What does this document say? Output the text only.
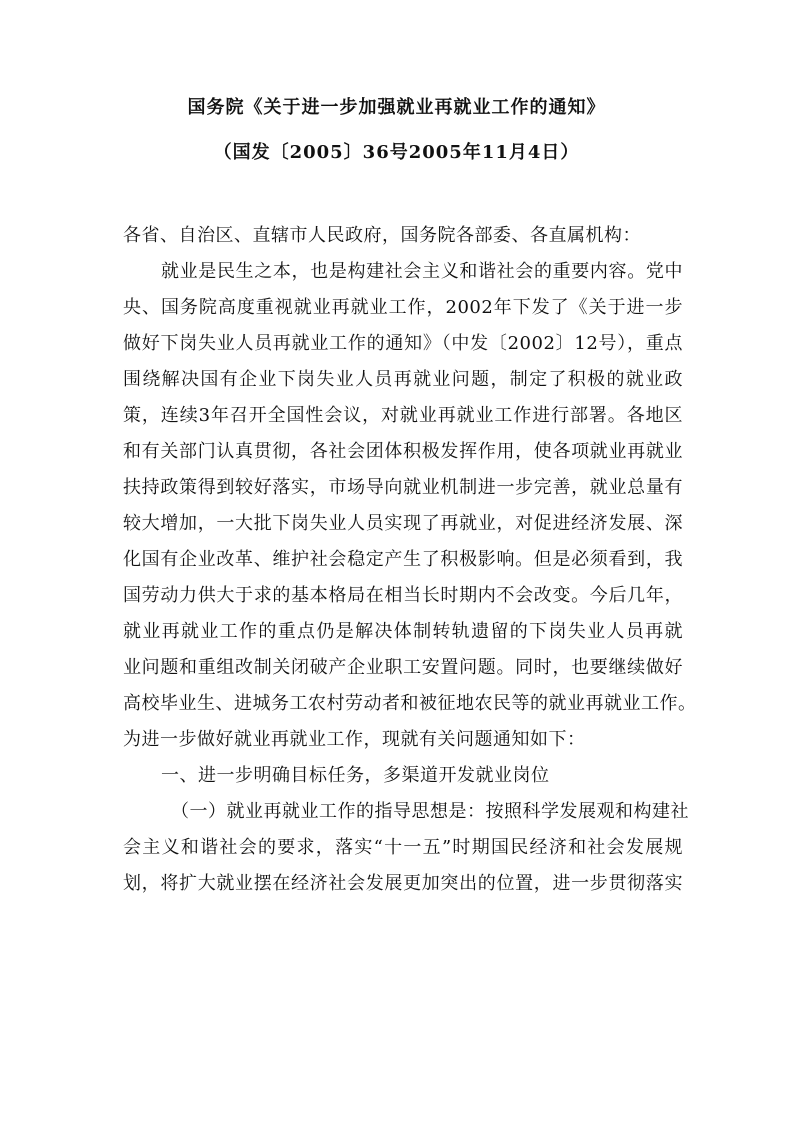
国务院《关于进一步加强就业再就业工作的通知》
（国发〔2005〕36号2005年11月4日）
各省、自治区、直辖市人民政府，国务院各部委、各直属机构：
就业是民生之本，也是构建社会主义和谐社会的重要内容。党中
央、国务院高度重视就业再就业工作，2002年下发了《关于进一步
做好下岗失业人员再就业工作的通知》（中发〔2002〕12号），重点
围绕解决国有企业下岗失业人员再就业问题，制定了积极的就业政
策，连续3年召开全国性会议，对就业再就业工作进行部署。各地区
和有关部门认真贯彻，各社会团体积极发挥作用，使各项就业再就业
扶持政策得到较好落实，市场导向就业机制进一步完善，就业总量有
较大增加，一大批下岗失业人员实现了再就业，对促进经济发展、深
化国有企业改革、维护社会稳定产生了积极影响。但是必须看到，我
国劳动力供大于求的基本格局在相当长时期内不会改变。今后几年，
就业再就业工作的重点仍是解决体制转轨遗留的下岗失业人员再就
业问题和重组改制关闭破产企业职工安置问题。同时，也要继续做好
高校毕业生、进城务工农村劳动者和被征地农民等的就业再就业工作。
为进一步做好就业再就业工作，现就有关问题通知如下：
一、进一步明确目标任务，多渠道开发就业岗位
（一）就业再就业工作的指导思想是：按照科学发展观和构建社
会主义和谐社会的要求，落实“十一五”时期国民经济和社会发展规
划，将扩大就业摆在经济社会发展更加突出的位置，进一步贯彻落实
